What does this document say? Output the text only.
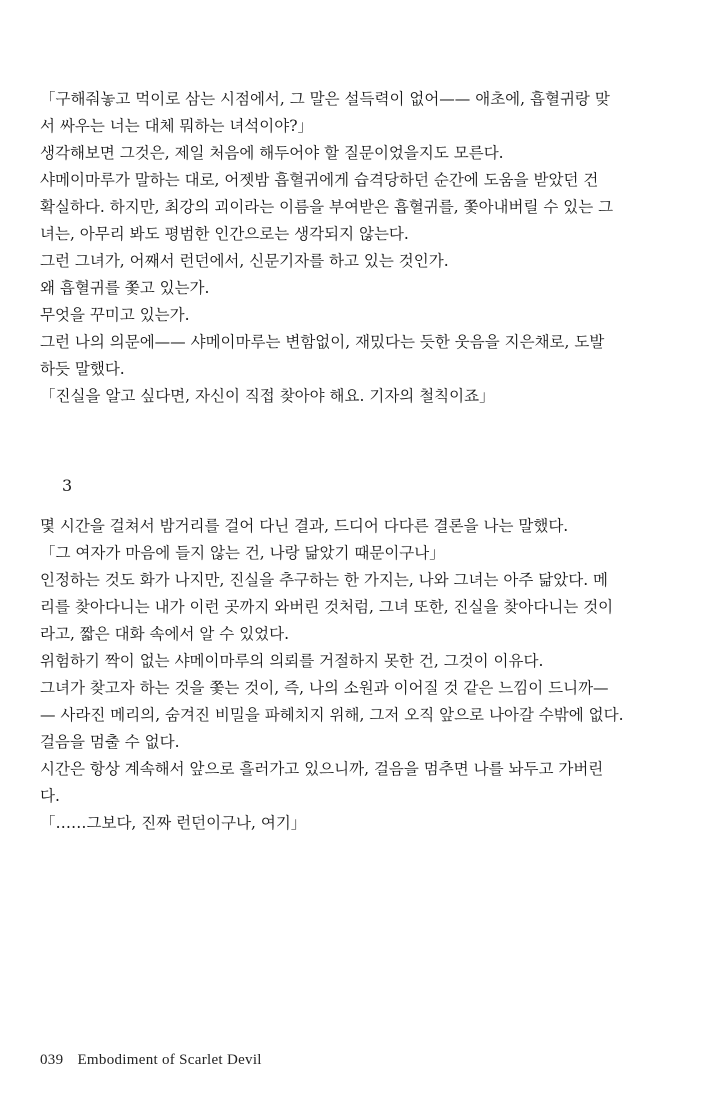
「구해줘놓고 먹이로 삼는 시점에서, 그 말은 설득력이 없어—— 애초에, 흡혈귀랑 맞
서 싸우는 너는 대체 뭐하는 녀석이야?」
생각해보면 그것은, 제일 처음에 해두어야 할 질문이었을지도 모른다.
샤메이마루가 말하는 대로, 어젯밤 흡혈귀에게 습격당하던 순간에 도움을 받았던 건
확실하다. 하지만, 최강의 괴이라는 이름을 부여받은 흡혈귀를, 쫓아내버릴 수 있는 그
녀는, 아무리 봐도 평범한 인간으로는 생각되지 않는다.
그런 그녀가, 어째서 런던에서, 신문기자를 하고 있는 것인가.
왜 흡혈귀를 쫓고 있는가.
무엇을 꾸미고 있는가.
그런 나의 의문에—— 샤메이마루는 변함없이, 재밌다는 듯한 웃음을 지은채로, 도발
하듯 말했다.
「진실을 알고 싶다면, 자신이 직접 찾아야 해요. 기자의 철칙이죠」
3
몇 시간을 걸쳐서 밤거리를 걸어 다닌 결과, 드디어 다다른 결론을 나는 말했다.
「그 여자가 마음에 들지 않는 건, 나랑 닮았기 때문이구나」
인정하는 것도 화가 나지만, 진실을 추구하는 한 가지는, 나와 그녀는 아주 닮았다. 메
리를 찾아다니는 내가 이런 곳까지 와버린 것처럼, 그녀 또한, 진실을 찾아다니는 것이
라고, 짧은 대화 속에서 알 수 있었다.
위험하기 짝이 없는 샤메이마루의 의뢰를 거절하지 못한 건, 그것이 이유다.
그녀가 찾고자 하는 것을 쫓는 것이, 즉, 나의 소원과 이어질 것 같은 느낌이 드니까—
— 사라진 메리의, 숨겨진 비밀을 파헤치지 위해, 그저 오직 앞으로 나아갈 수밖에 없다.
걸음을 멈출 수 없다.
시간은 항상 계속해서 앞으로 흘러가고 있으니까, 걸음을 멈추면 나를 놔두고 가버린
다.
「……그보다, 진짜 런던이구나, 여기」
039 Embodiment of Scarlet Devil
